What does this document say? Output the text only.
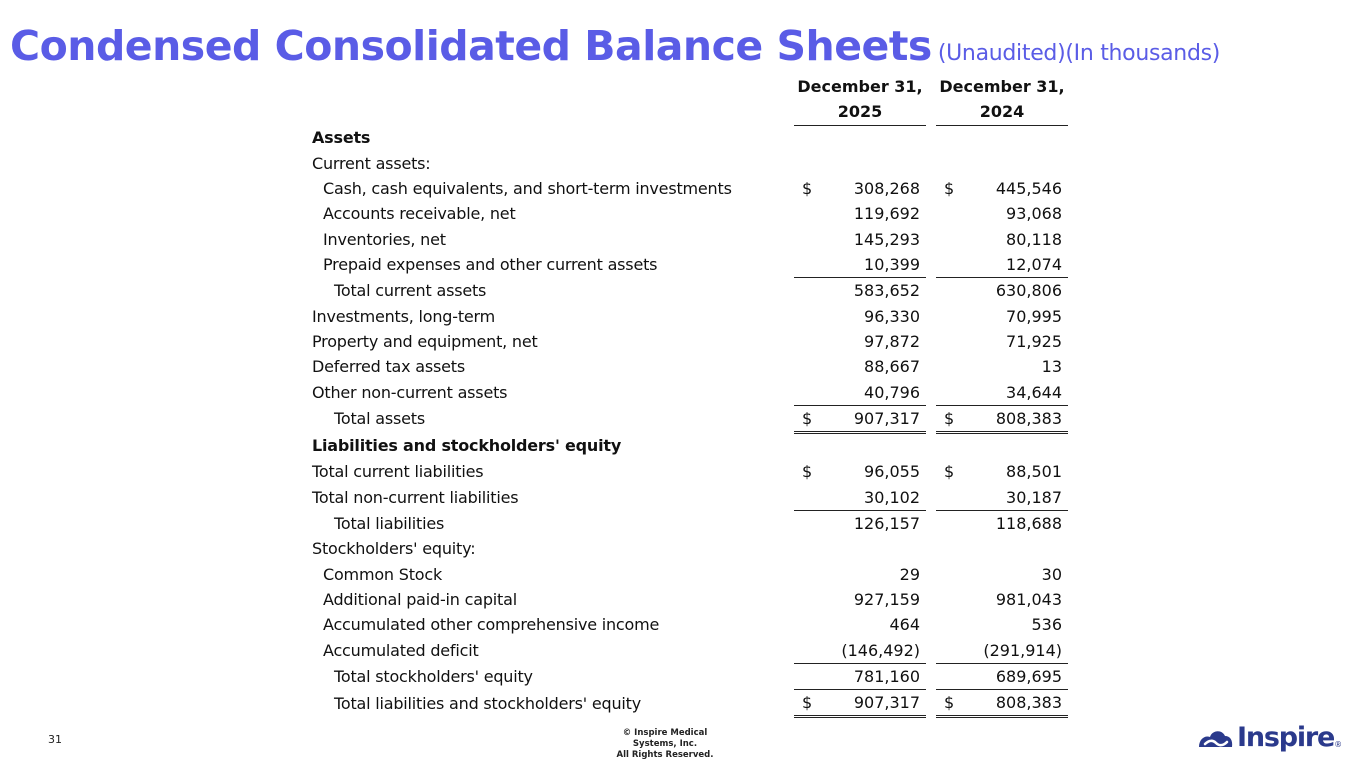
Condensed Consolidated Balance Sheets (Unaudited)(In thousands)
	December 31,		December 31,
	2025		2024
Assets	

Current assets:	

Cash, cash equivalents, and short-term investments	$ 308,268		$ 445,546

Accounts receivable, net	119,692		93,068

Inventories, net	145,293		80,118

Prepaid expenses and other current assets	10,399		12,074

Total current assets	583,652		630,806

Investments, long-term	96,330		70,995

Property and equipment, net	97,872		71,925

Deferred tax assets	88,667		13

Other non-current assets	40,796		34,644

Total assets	$ 907,317		$ 808,383

Liabilities and stockholders' equity	

Total current liabilities	$ 96,055		$ 88,501

Total non-current liabilities	30,102		30,187

Total liabilities	126,157		118,688

Stockholders' equity:	

Common Stock	29		30

Additional paid-in capital	927,159		981,043

Accumulated other comprehensive income	464		536

Accumulated deficit	(146,492)		(291,914)

Total stockholders' equity	781,160		689,695

Total liabilities and stockholders' equity	$ 907,317		$ 808,383
31	© Inspire Medical Systems, Inc.
All Rights Reserved.
Inspire ®
